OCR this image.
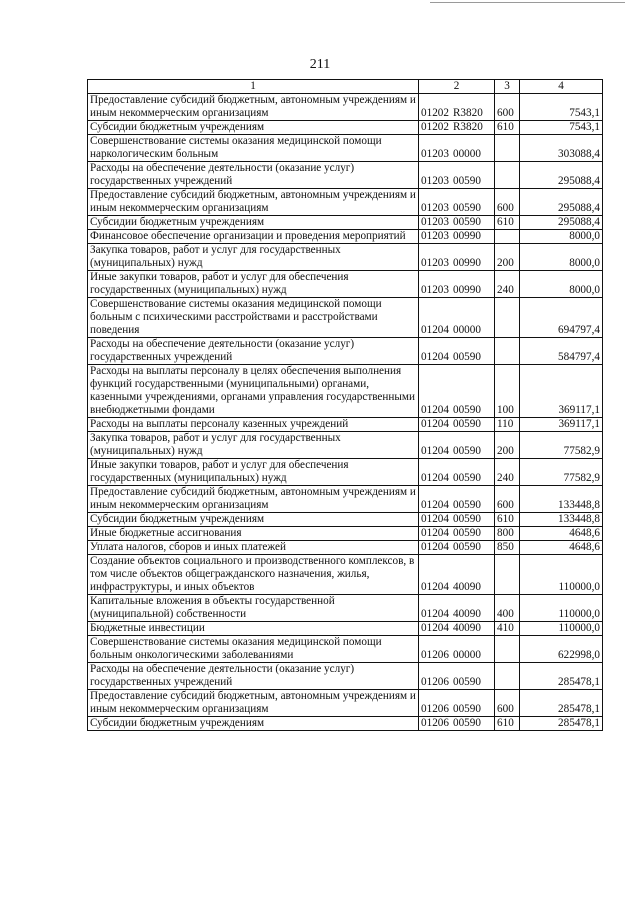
211
1	2	3	4
Предоставление субсидий бюджетным, автономным учреждениям и иным некоммерческим организациям	01202 R3820	600	7543,1
Субсидии бюджетным учреждениям	01202 R3820	610	7543,1
Совершенствование системы оказания медицинской помощи наркологическим больным	01203 00000		303088,4
Расходы на обеспечение деятельности (оказание услуг) государственных учреждений	01203 00590		295088,4
Предоставление субсидий бюджетным, автономным учреждениям и иным некоммерческим организациям	01203 00590	600	295088,4
Субсидии бюджетным учреждениям	01203 00590	610	295088,4
Финансовое обеспечение организации и проведения мероприятий	01203 00990		8000,0
Закупка товаров, работ и услуг для государственных (муниципальных) нужд	01203 00990	200	8000,0
Иные закупки товаров, работ и услуг для обеспечения государственных (муниципальных) нужд	01203 00990	240	8000,0
Совершенствование системы оказания медицинской помощи больным с психическими расстройствами и расстройствами поведения	01204 00000		694797,4
Расходы на обеспечение деятельности (оказание услуг) государственных учреждений	01204 00590		584797,4
Расходы на выплаты персоналу в целях обеспечения выполнения функций государственными (муниципальными) органами, казенными учреждениями, органами управления государственными внебюджетными фондами	01204 00590	100	369117,1
Расходы на выплаты персоналу казенных учреждений	01204 00590	110	369117,1
Закупка товаров, работ и услуг для государственных (муниципальных) нужд	01204 00590	200	77582,9
Иные закупки товаров, работ и услуг для обеспечения государственных (муниципальных) нужд	01204 00590	240	77582,9
Предоставление субсидий бюджетным, автономным учреждениям и иным некоммерческим организациям	01204 00590	600	133448,8
Субсидии бюджетным учреждениям	01204 00590	610	133448,8
Иные бюджетные ассигнования	01204 00590	800	4648,6
Уплата налогов, сборов и иных платежей	01204 00590	850	4648,6
Создание объектов социального и производственного комплексов, в том числе объектов общегражданского назначения, жилья, инфраструктуры, и иных объектов	01204 40090		110000,0
Капитальные вложения в объекты государственной (муниципальной) собственности	01204 40090	400	110000,0
Бюджетные инвестиции	01204 40090	410	110000,0
Совершенствование системы оказания медицинской помощи больным онкологическими заболеваниями	01206 00000		622998,0
Расходы на обеспечение деятельности (оказание услуг) государственных учреждений	01206 00590		285478,1
Предоставление субсидий бюджетным, автономным учреждениям и иным некоммерческим организациям	01206 00590	600	285478,1
Субсидии бюджетным учреждениям	01206 00590	610	285478,1
